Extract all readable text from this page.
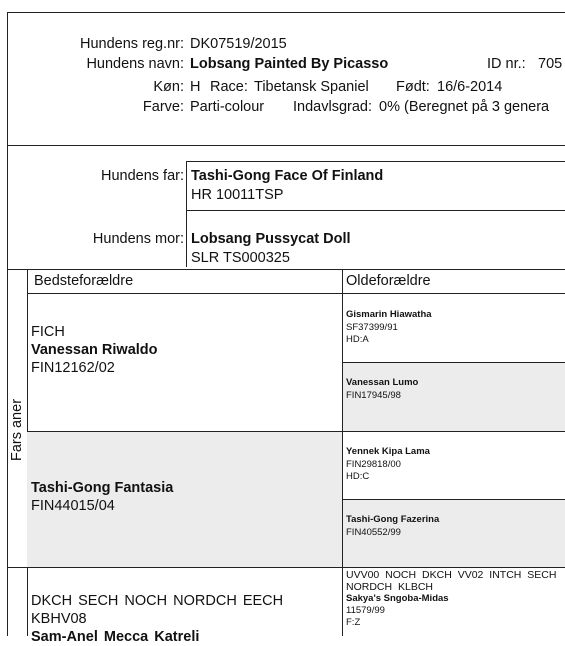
Hundens reg.nr: DK07519/2015
Hundens navn: Lobsang Painted By Picasso	ID nr.: 705
Køn: H Race: Tibetansk Spaniel Født: 16/6-2014
Farve: Parti-colour Indavlsgrad: 0% (Beregnet på 3 genera
Hundens far: Tashi-Gong Face Of Finland
HR 10011TSP
Hundens mor: Lobsang Pussycat Doll
SLR TS000325
Bedsteforældre	Oldeforældre
Fars aner
FICH
Vanessan Riwaldo
FIN12162/02
Tashi-Gong Fantasia
FIN44015/04
DKCH SECH NOCH NORDCH EECH
KBHV08
Sam-Anel Mecca Katreli
Gismarin Hiawatha
SF37399/91
HD:A
Vanessan Lumo
FIN17945/98
Yennek Kipa Lama
FIN29818/00
HD:C
Tashi-Gong Fazerina
FIN40552/99
UVV00 NOCH DKCH VV02 INTCH SECH
NORDCH KLBCH
Sakya's Sngoba-Midas
11579/99
F:Z
